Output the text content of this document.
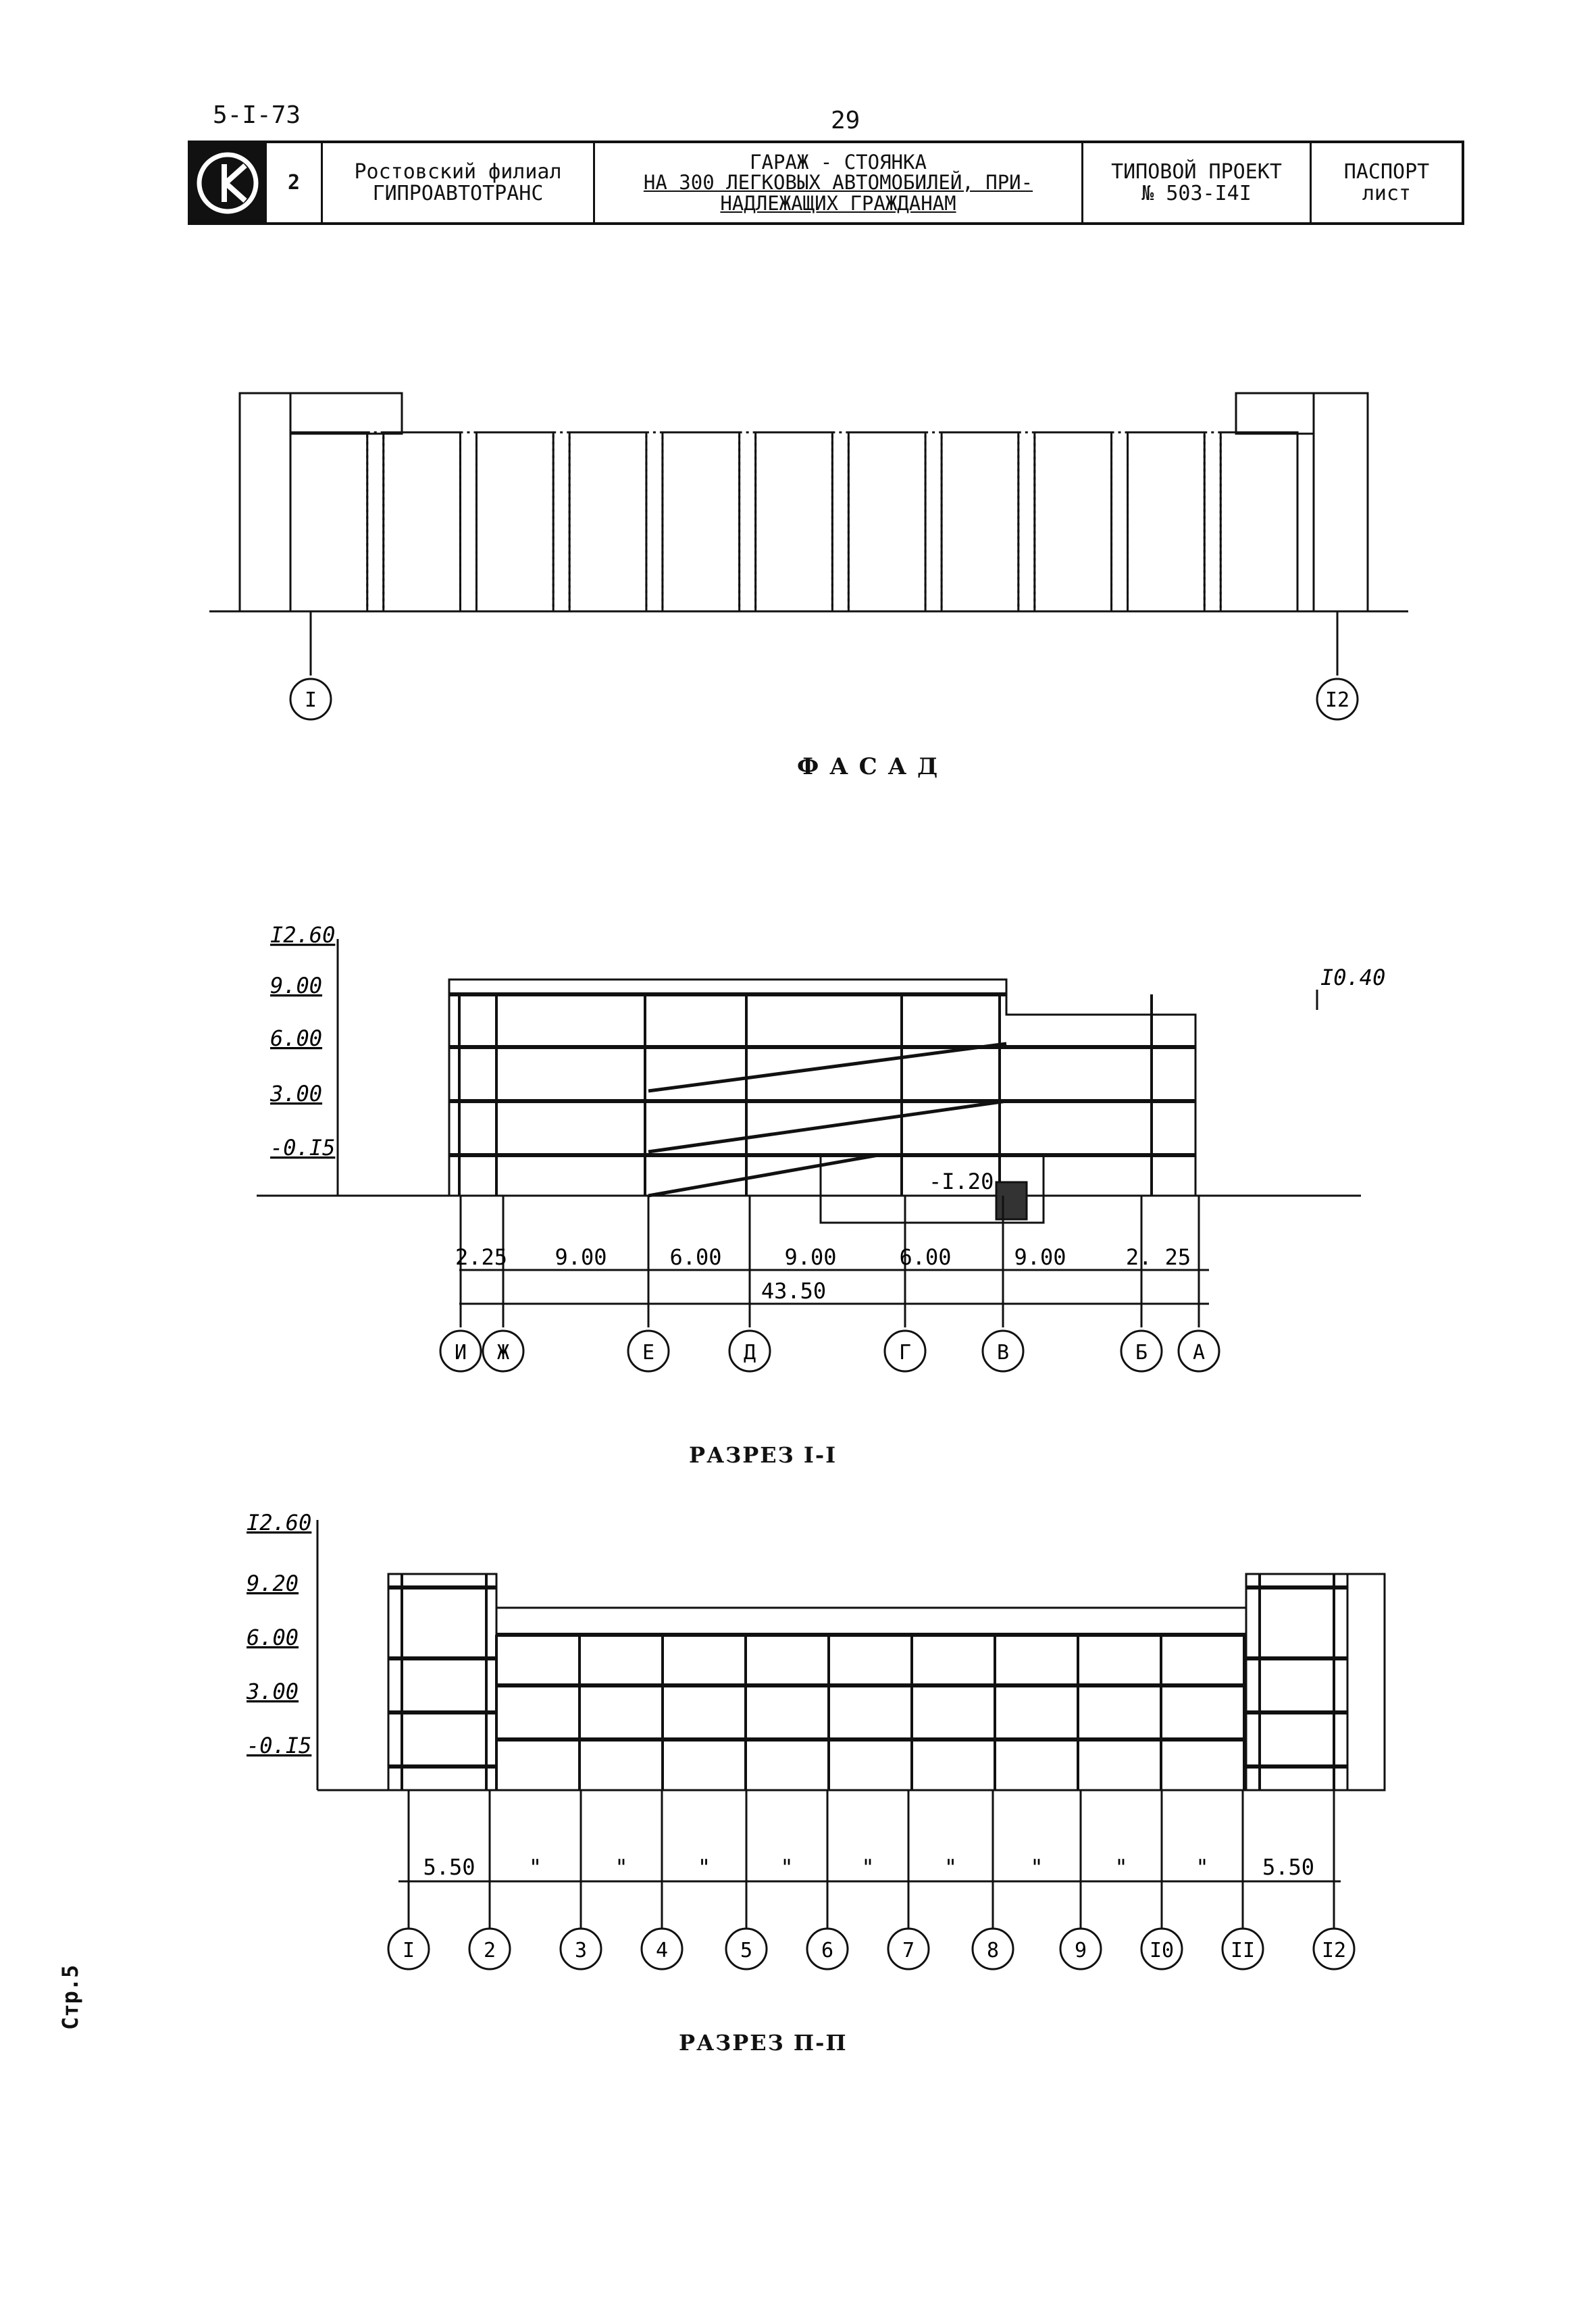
5-I-73	29
2	Ростовский филиал
ГИПРОАВТОТРАНС
ГАРАЖ - СТОЯНКА
НА 300 ЛЕГКОВЫХ АВТОМОБИЛЕЙ, ПРИ-
НАДЛЕЖАЩИХ ГРАЖДАНАМ
ТИПОВОЙ ПРОЕКТ
№ 503-I4I
ПАСПОРТ
лист
I	I2
Ф А С А Д
I2.60
9.00
6.00
3.00
-0.I5
I0.40
-I.20
2.25 9.00	6.00	9.00	6.00	9.00	2. 25
43.50
И Ж	Е	Д	Г	В	Б А
РАЗРЕЗ I-I
I2.60
9.20
6.00
3.00
-0.I5
5.50 "	"	"	"	"	"	"	"	" 5.50
I	2	3	4	5	6	7	8	9	I0	II	I2
РАЗРЕЗ П-П
Стр.5
